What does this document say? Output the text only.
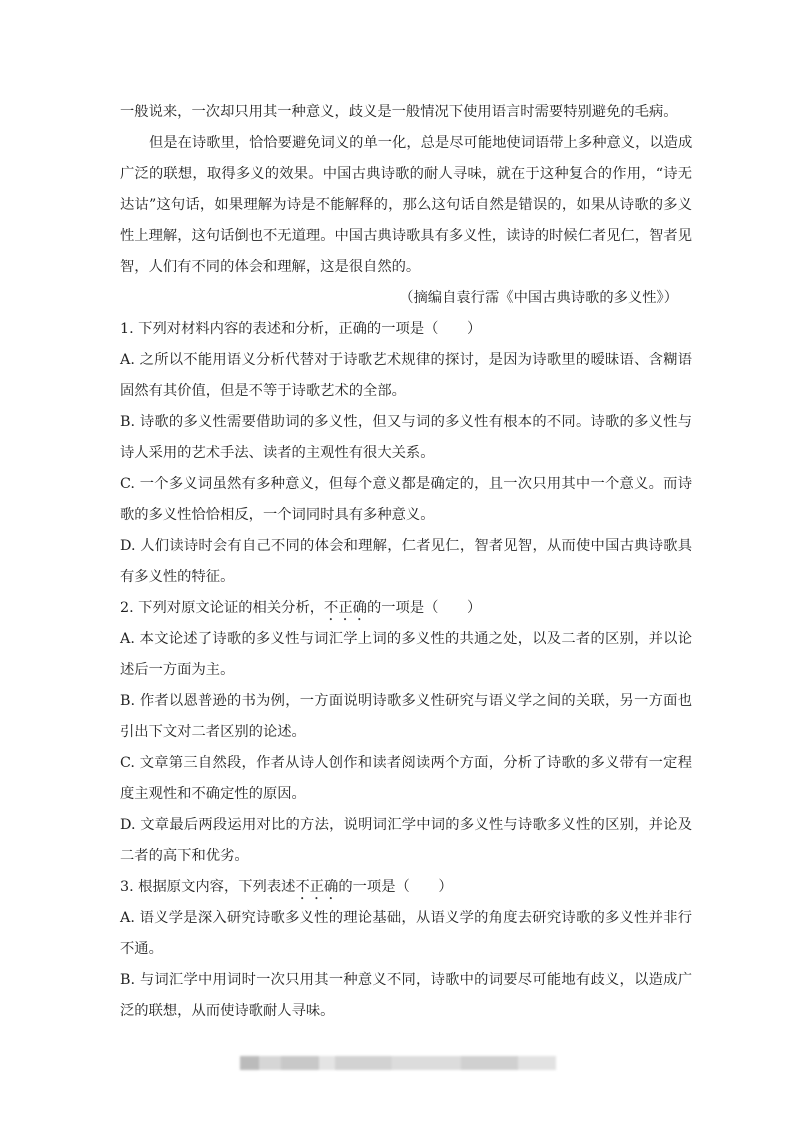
一般说来，一次却只用其一种意义，歧义是一般情况下使用语言时需要特别避免的毛病。
但是在诗歌里，恰恰要避免词义的单一化，总是尽可能地使词语带上多种意义，以造成
广泛的联想，取得多义的效果。中国古典诗歌的耐人寻味，就在于这种复合的作用，“诗无
达诂”这句话，如果理解为诗是不能解释的，那么这句话自然是错误的，如果从诗歌的多义
性上理解，这句话倒也不无道理。中国古典诗歌具有多义性，读诗的时候仁者见仁，智者见
智，人们有不同的体会和理解，这是很自然的。
（摘编自袁行霈《中国古典诗歌的多义性》）
1. 下列对材料内容的表述和分析，正确的一项是（　　）
A. 之所以不能用语义分析代替对于诗歌艺术规律的探讨，是因为诗歌里的暧昧语、含糊语
固然有其价值，但是不等于诗歌艺术的全部。
B. 诗歌的多义性需要借助词的多义性，但又与词的多义性有根本的不同。诗歌的多义性与
诗人采用的艺术手法、读者的主观性有很大关系。
C. 一个多义词虽然有多种意义，但每个意义都是确定的，且一次只用其中一个意义。而诗
歌的多义性恰恰相反，一个词同时具有多种意义。
D. 人们读诗时会有自己不同的体会和理解，仁者见仁，智者见智，从而使中国古典诗歌具
有多义性的特征。
2. 下列对原文论证的相关分析，不正确的一项是（　　）
A. 本文论述了诗歌的多义性与词汇学上词的多义性的共通之处，以及二者的区别，并以论
述后一方面为主。
B. 作者以恩普逊的书为例，一方面说明诗歌多义性研究与语义学之间的关联，另一方面也
引出下文对二者区别的论述。
C. 文章第三自然段，作者从诗人创作和读者阅读两个方面，分析了诗歌的多义带有一定程
度主观性和不确定性的原因。
D. 文章最后两段运用对比的方法，说明词汇学中词的多义性与诗歌多义性的区别，并论及
二者的高下和优劣。
3. 根据原文内容，下列表述不正确的一项是（　　）
A. 语义学是深入研究诗歌多义性的理论基础，从语义学的角度去研究诗歌的多义性并非行
不通。
B. 与词汇学中用词时一次只用其一种意义不同，诗歌中的词要尽可能地有歧义，以造成广
泛的联想，从而使诗歌耐人寻味。
